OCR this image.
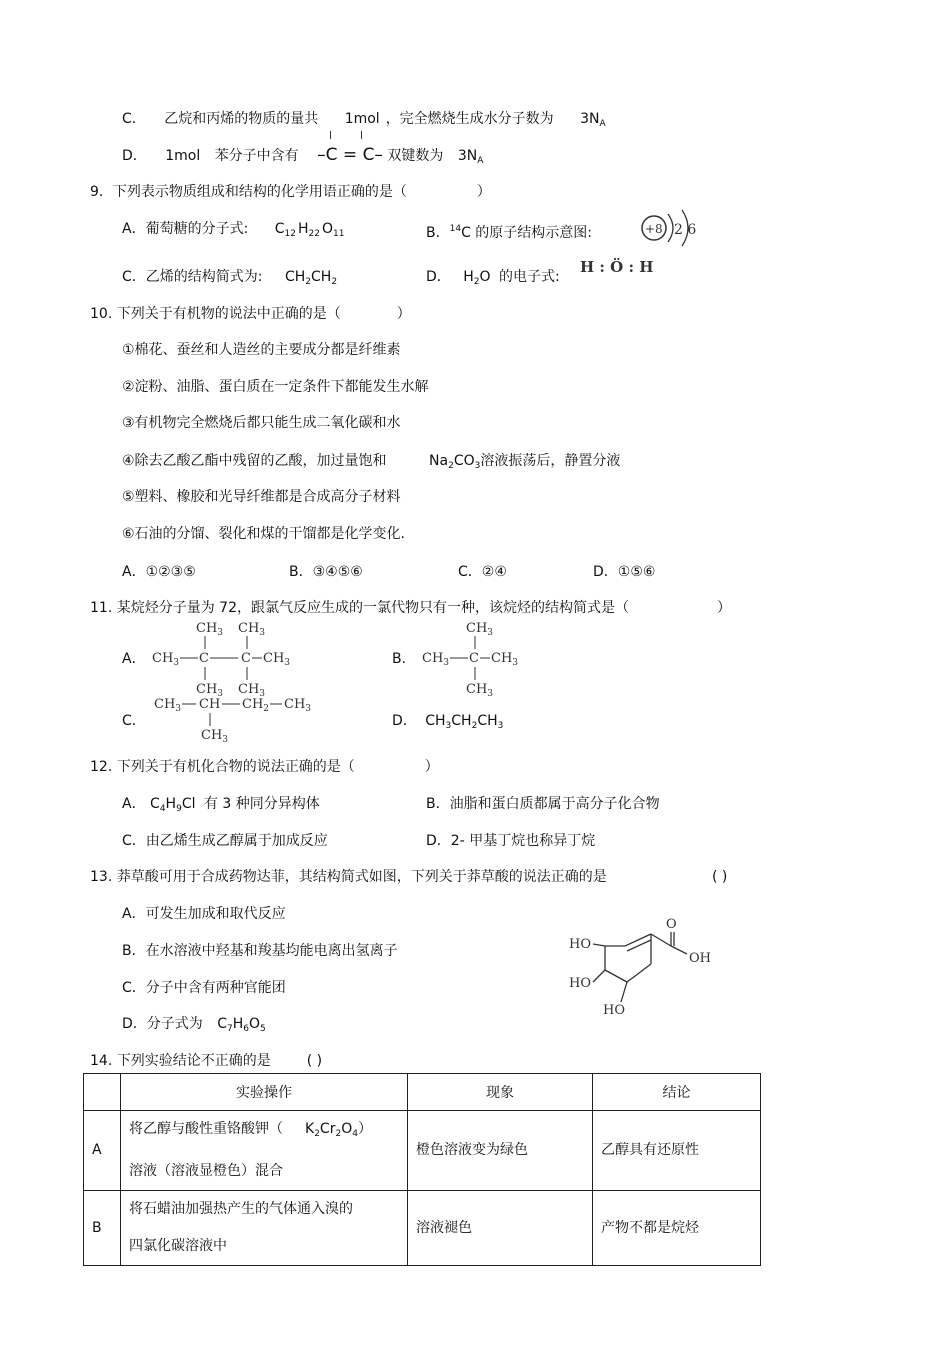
C． 乙烷和丙烯的物质的量共 1mol ，完全燃烧生成水分子数为 $3N_A$
D． 1mol 苯分子中含有 –C = C– 双键数为 $3N_A$
9．下列表示物质组成和结构的化学用语正确的是（	）
A．葡萄糖的分子式: $C_{12}$ $H_{22}$ $O_{11}$	B．$^{14}$C 的原子结构示意图:	+8 2 6
C．乙烯的结构简式为: $CH_2CH_2$	D． $H_2O$ 的电子式:
H : Ö : H
10. 下列关于有机物的说法中正确的是（	）
①棉花、蚕丝和人造丝的主要成分都是纤维素
②淀粉、油脂、蛋白质在一定条件下都能发生水解
③有机物完全燃烧后都只能生成二氧化碳和水
④除去乙酸乙酯中残留的乙酸，加过量饱和	$Na_2CO_3$溶液振荡后，静置分液
⑤塑料、橡胶和光导纤维都是合成高分子材料
⑥石油的分馏、裂化和煤的干馏都是化学变化.
A．①②③⑤	B．③④⑤⑥	C．②④	D．①⑤⑥
11. 某烷烃分子量为 72，跟氯气反应生成的一氯代物只有一种，该烷烃的结构简式是（	）
A．
$CH_3$ $CH_3$
$CH_3$ C C $CH_3$
$CH_3$ $CH_3$
B．
$CH_3$
$CH_3$ C $CH_3$
$CH_3$
C．
$CH_3$ CH $CH_2$ $CH_3$
$CH_3$
D． $CH_3CH_2CH_3$
12. 下列关于有机化合物的说法正确的是（	）
A． $C_4H_9Cl$ 有 3 种同分异构体	B．油脂和蛋白质都属于高分子化合物
C．由乙烯生成乙醇属于加成反应	D．2- 甲基丁烷也称异丁烷
13. 莽草酸可用于合成药物达菲，其结构简式如图，下列关于莽草酸的说法正确的是	( )
A．可发生加成和取代反应
B．在水溶液中羟基和羧基均能电离出氢离子
C．分子中含有两种官能团
D．分子式为 $C_7H_6O_5$
O
OH
HO
HO
HO
14. 下列实验结论不正确的是	( )
	实验操作	现象	结论
A	将乙醇与酸性重铬酸钾（ $K_2Cr_2O_4$）
溶液（溶液显橙色）混合	橙色溶液变为绿色	乙醇具有还原性
B	将石蜡油加强热产生的气体通入溴的
四氯化碳溶液中	溶液褪色	产物不都是烷烃
